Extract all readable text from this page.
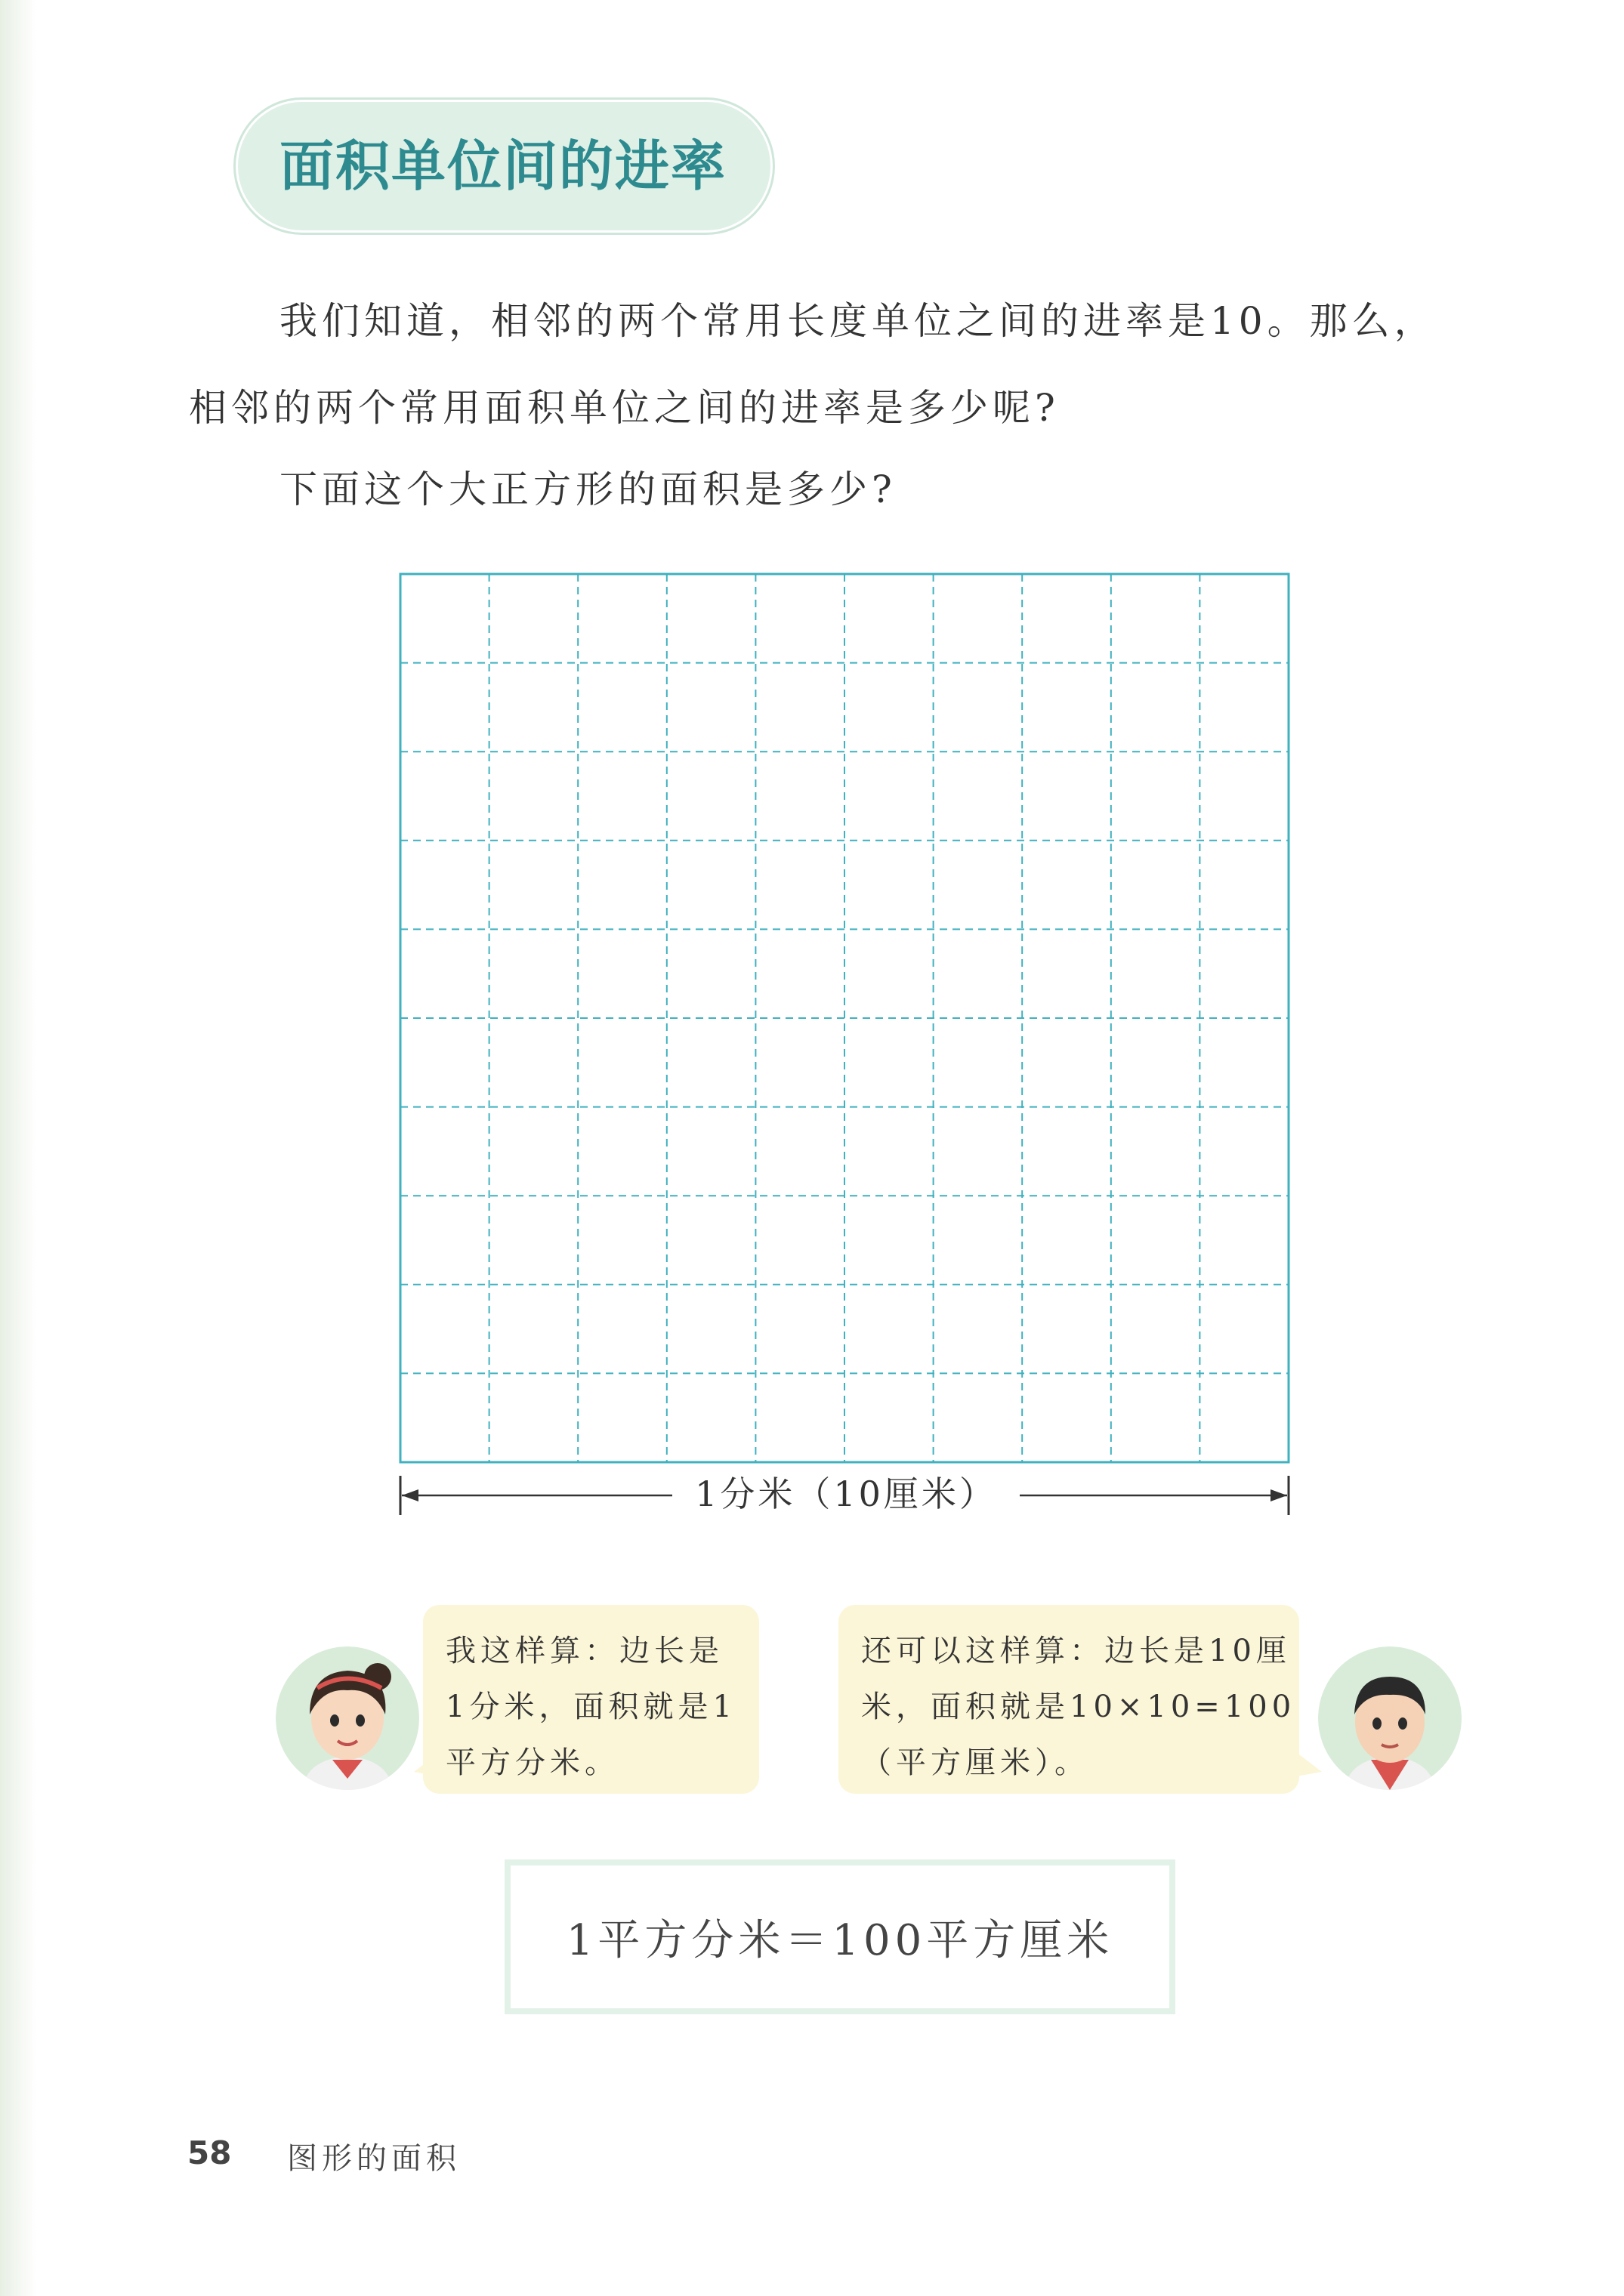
面积单位间的进率
我们知道，相邻的两个常用长度单位之间的进率是10。那么，
相邻的两个常用面积单位之间的进率是多少呢?
下面这个大正方形的面积是多少?
1分米（10厘米）
我这样算：边长是
1分米，面积就是1
平方分米。
还可以这样算：边长是10厘
米，面积就是10×10=100
（平方厘米）。
1平方分米＝100平方厘米
58 图形的面积
